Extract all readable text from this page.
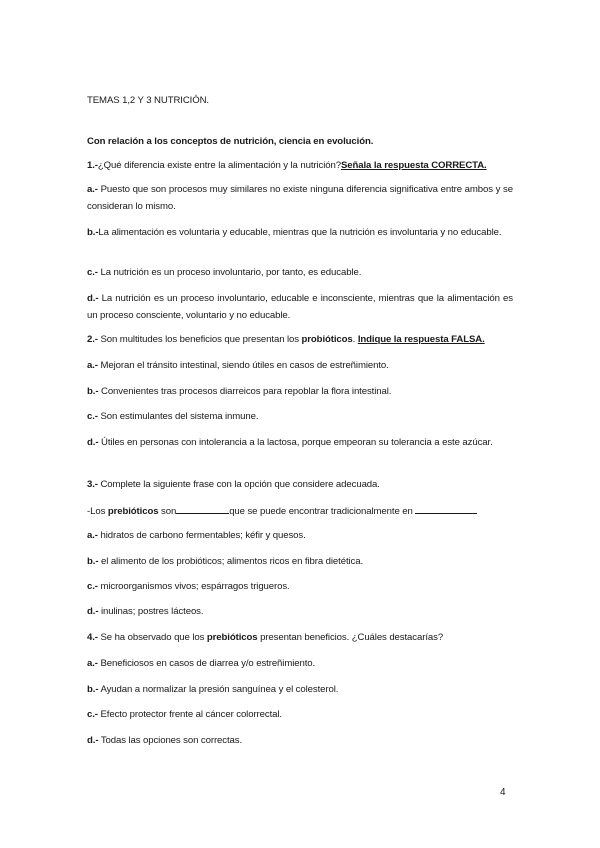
TEMAS 1,2 Y 3 NUTRICIÓN.
Con relación a los conceptos de nutrición, ciencia en evolución.
1.-¿Qué diferencia existe entre la alimentación y la nutrición?Señala la respuesta CORRECTA.
a.- Puesto que son procesos muy similares no existe ninguna diferencia significativa entre ambos y se consideran lo mismo.
b.-La alimentación es voluntaria y educable, mientras que la nutrición es involuntaria y no educable.
c.- La nutrición es un proceso involuntario, por tanto, es educable.
d.- La nutrición es un proceso involuntario, educable e inconsciente, mientras que la alimentación es un proceso consciente, voluntario y no educable.
2.- Son multitudes los beneficios que presentan los probióticos. Indique la respuesta FALSA.
a.- Mejoran el tránsito intestinal, siendo útiles en casos de estreñimiento.
b.- Convenientes tras procesos diarreicos para repoblar la flora intestinal.
c.- Son estimulantes del sistema inmune.
d.- Útiles en personas con intolerancia a la lactosa, porque empeoran su tolerancia a este azúcar.
3.- Complete la siguiente frase con la opción que considere adecuada.
-Los prebióticos son	que se puede encontrar tradicionalmente en
a.- hidratos de carbono fermentables; kéfir y quesos.
b.- el alimento de los probióticos; alimentos ricos en fibra dietética.
c.- microorganismos vivos; espárragos trigueros.
d.- inulinas; postres lácteos.
4.- Se ha observado que los prebióticos presentan beneficios. ¿Cuáles destacarías?
a.- Beneficiosos en casos de diarrea y/o estreñimiento.
b.- Ayudan a normalizar la presión sanguínea y el colesterol.
c.- Efecto protector frente al cáncer colorrectal.
d.- Todas las opciones son correctas.
4
